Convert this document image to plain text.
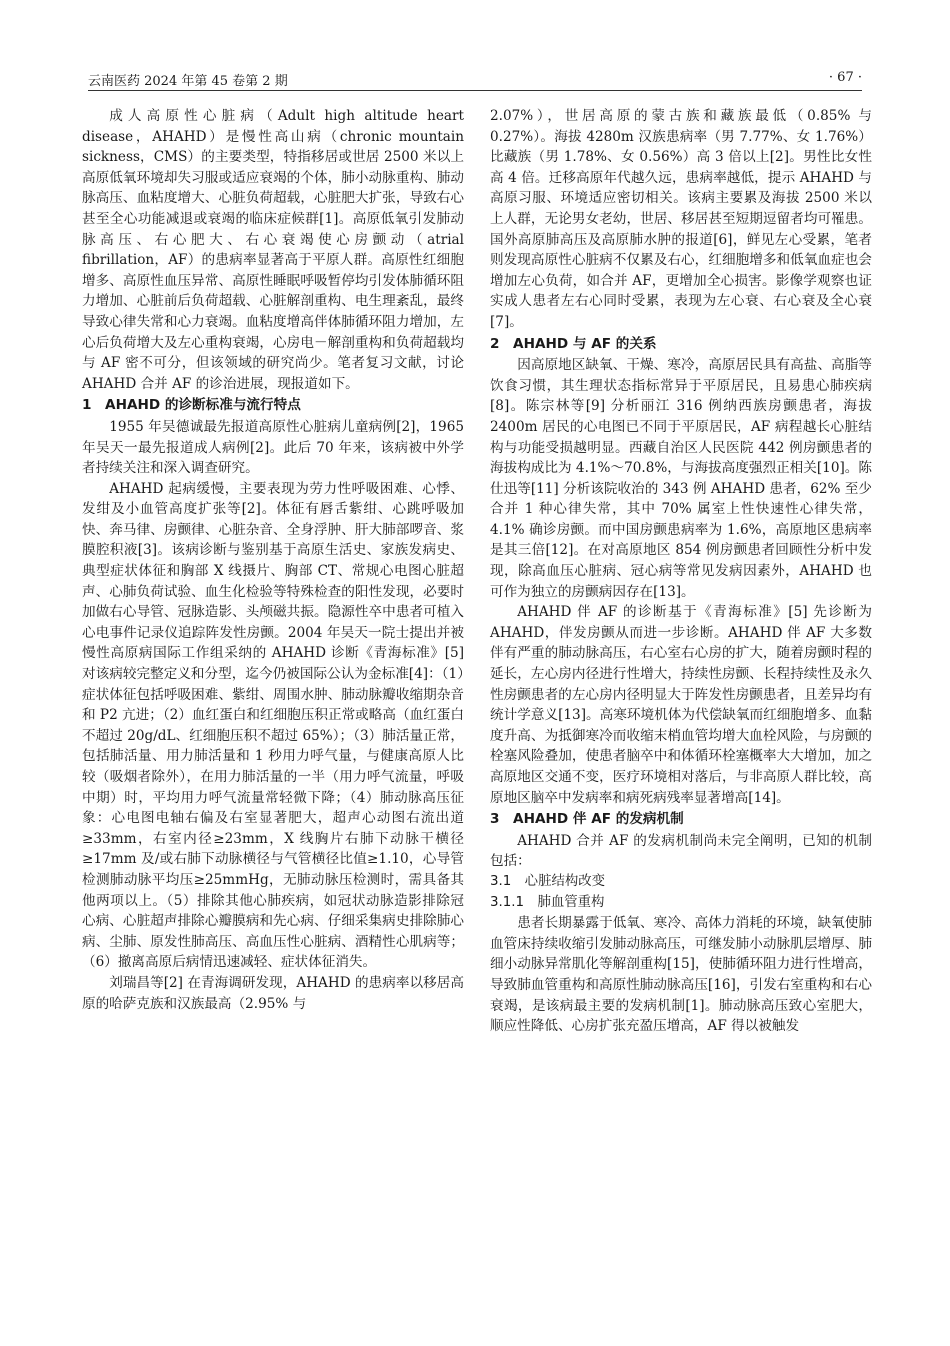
云南医药 2024 年第 45 卷第 2 期	· 67 ·

成人高原性心脏病（Adult high altitude heart disease，AHAHD）是慢性高山病（chronic mountain sickness，CMS）的主要类型，特指移居或世居 2500 米以上高原低氧环境却失习服或适应衰竭的个体，肺小动脉重构、肺动脉高压、血粘度增大、心脏负荷超载，心脏肥大扩张，导致右心甚至全心功能减退或衰竭的临床症候群[1]。高原低氧引发肺动脉高压、右心肥大、右心衰竭使心房颤动（atrial fibrillation，AF）的患病率显著高于平原人群。高原性红细胞增多、高原性血压异常、高原性睡眠呼吸暂停均引发体肺循环阻力增加、心脏前后负荷超载、心脏解剖重构、电生理紊乱，最终导致心律失常和心力衰竭。血粘度增高伴体肺循环阻力增加，左心后负荷增大及左心重构衰竭，心房电－解剖重构和负荷超载均与 AF 密不可分，但该领域的研究尚少。笔者复习文献，讨论 AHAHD 合并 AF 的诊治进展，现报道如下。

1　AHAHD 的诊断标准与流行特点

1955 年吴德诚最先报道高原性心脏病儿童病例[2]，1965 年吴天一最先报道成人病例[2]。此后 70 年来，该病被中外学者持续关注和深入调查研究。

AHAHD 起病缓慢，主要表现为劳力性呼吸困难、心悸、发绀及小血管高度扩张等[2]。体征有唇舌紫绀、心跳呼吸加快、奔马律、房颤律、心脏杂音、全身浮肿、肝大肺部啰音、浆膜腔积液[3]。该病诊断与鉴别基于高原生活史、家族发病史、典型症状体征和胸部 X 线摄片、胸部 CT、常规心电图心脏超声、心肺负荷试验、血生化检验等特殊检查的阳性发现，必要时加做右心导管、冠脉造影、头颅磁共振。隐源性卒中患者可植入心电事件记录仪追踪阵发性房颤。2004 年吴天一院士提出并被慢性高原病国际工作组采纳的 AHAHD 诊断《青海标准》[5] 对该病较完整定义和分型，迄今仍被国际公认为金标准[4]：（1）症状体征包括呼吸困难、紫绀、周围水肿、肺动脉瓣收缩期杂音和 P2 亢进；（2）血红蛋白和红细胞压积正常或略高（血红蛋白不超过 20g/dL、红细胞压积不超过 65%）；（3）肺活量正常，包括肺活量、用力肺活量和 1 秒用力呼气量，与健康高原人比较（吸烟者除外），在用力肺活量的一半（用力呼气流量，呼吸中期）时，平均用力呼气流量常轻微下降；（4）肺动脉高压征象：心电图电轴右偏及右室显著肥大，超声心动图右流出道≥33mm，右室内径≥23mm，X 线胸片右肺下动脉干横径≥17mm 及/或右肺下动脉横径与气管横径比值≥1.10，心导管检测肺动脉平均压≥25mmHg，无肺动脉压检测时，需具备其他两项以上。（5）排除其他心肺疾病，如冠状动脉造影排除冠心病、心脏超声排除心瓣膜病和先心病、仔细采集病史排除肺心病、尘肺、原发性肺高压、高血压性心脏病、酒精性心肌病等；（6）撤离高原后病情迅速减轻、症状体征消失。

刘瑞昌等[2] 在青海调研发现，AHAHD 的患病率以移居高原的哈萨克族和汉族最高（2.95% 与

2.07%），世居高原的蒙古族和藏族最低（0.85% 与 0.27%）。海拔 4280m 汉族患病率（男 7.77%、女 1.76%）比藏族（男 1.78%、女 0.56%）高 3 倍以上[2]。男性比女性高 4 倍。迁移高原年代越久远，患病率越低，提示 AHAHD 与高原习服、环境适应密切相关。该病主要累及海拔 2500 米以上人群，无论男女老幼，世居、移居甚至短期逗留者均可罹患。国外高原肺高压及高原肺水肿的报道[6]，鲜见左心受累，笔者则发现高原性心脏病不仅累及右心，红细胞增多和低氧血症也会增加左心负荷，如合并 AF，更增加全心损害。影像学观察也证实成人患者左右心同时受累，表现为左心衰、右心衰及全心衰[7]。

2　AHAHD 与 AF 的关系

因高原地区缺氧、干燥、寒冷，高原居民具有高盐、高脂等饮食习惯，其生理状态指标常异于平原居民，且易患心肺疾病[8]。陈宗林等[9] 分析丽江 316 例纳西族房颤患者，海拔 2400m 居民的心电图已不同于平原居民，AF 病程越长心脏结构与功能受损越明显。西藏自治区人民医院 442 例房颤患者的海拔构成比为 4.1%～70.8%，与海拔高度强烈正相关[10]。陈仕迅等[11] 分析该院收治的 343 例 AHAHD 患者，62% 至少合并 1 种心律失常，其中 70% 属室上性快速性心律失常，4.1% 确诊房颤。而中国房颤患病率为 1.6%，高原地区患病率是其三倍[12]。在对高原地区 854 例房颤患者回顾性分析中发现，除高血压心脏病、冠心病等常见发病因素外，AHAHD 也可作为独立的房颤病因存在[13]。

AHAHD 伴 AF 的诊断基于《青海标准》[5] 先诊断为 AHAHD，伴发房颤从而进一步诊断。AHAHD 伴 AF 大多数伴有严重的肺动脉高压，右心室右心房的扩大，随着房颤时程的延长，左心房内径进行性增大，持续性房颤、长程持续性及永久性房颤患者的左心房内径明显大于阵发性房颤患者，且差异均有统计学意义[13]。高寒环境机体为代偿缺氧而红细胞增多、血黏度升高、为抵御寒冷而收缩末梢血管均增大血栓风险，与房颤的栓塞风险叠加，使患者脑卒中和体循环栓塞概率大大增加，加之高原地区交通不变，医疗环境相对落后，与非高原人群比较，高原地区脑卒中发病率和病死病残率显著增高[14]。

3　AHAHD 伴 AF 的发病机制

AHAHD 合并 AF 的发病机制尚未完全阐明，已知的机制包括：

3.1　心脏结构改变
3.1.1　肺血管重构

患者长期暴露于低氧、寒冷、高体力消耗的环境，缺氧使肺血管床持续收缩引发肺动脉高压，可继发肺小动脉肌层增厚、肺细小动脉异常肌化等解剖重构[15]，使肺循环阻力进行性增高，导致肺血管重构和高原性肺动脉高压[16]，引发右室重构和右心衰竭，是该病最主要的发病机制[1]。肺动脉高压致心室肥大，顺应性降低、心房扩张充盈压增高，AF 得以被触发
